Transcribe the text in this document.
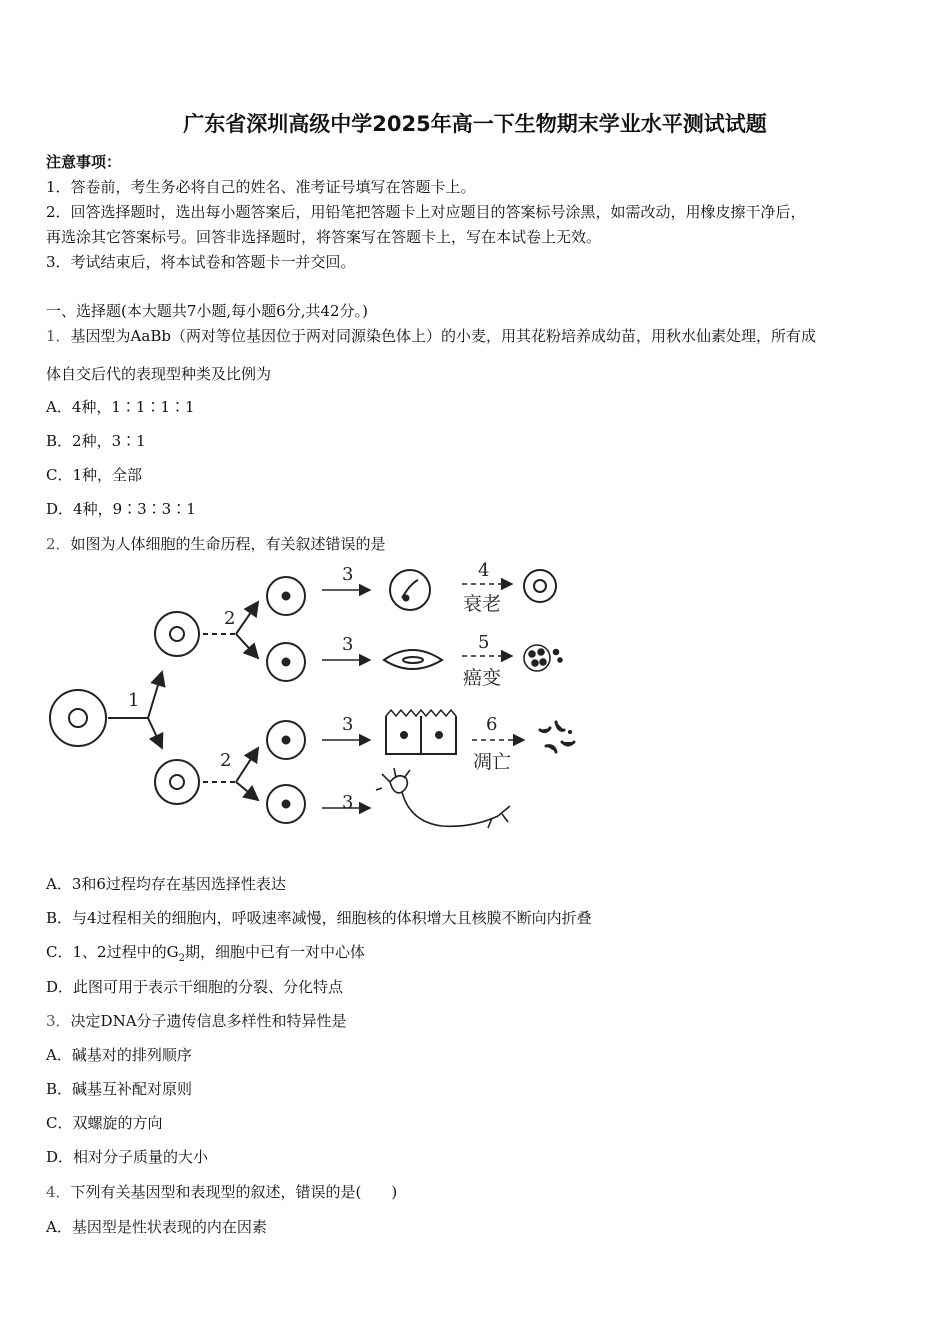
广东省深圳高级中学2025年高一下生物期末学业水平测试试题
注意事项：
1．答卷前，考生务必将自己的姓名、准考证号填写在答题卡上。
2．回答选择题时，选出每小题答案后，用铅笔把答题卡上对应题目的答案标号涂黑，如需改动，用橡皮擦干净后，
再选涂其它答案标号。回答非选择题时，将答案写在答题卡上，写在本试卷上无效。
3．考试结束后，将本试卷和答题卡一并交回。
一、选择题(本大题共7小题,每小题6分,共42分。)
1．基因型为AaBb（两对等位基因位于两对同源染色体上）的小麦，用其花粉培养成幼苗，用秋水仙素处理，所有成
体自交后代的表现型种类及比例为
A．4种，1∶1∶1∶1
B．2种，3∶1
C．1种，全部
D．4种，9∶3∶3∶1
2．如图为人体细胞的生命历程，有关叙述错误的是
1
2
2
3
3
3
3
4
衰老
5
癌变
6
凋亡
A．3和6过程均存在基因选择性表达
B．与4过程相关的细胞内，呼吸速率减慢，细胞核的体积增大且核膜不断向内折叠
C．1、2过程中的$G_2$期，细胞中已有一对中心体
D．此图可用于表示干细胞的分裂、分化特点
3．决定DNA分子遗传信息多样性和特异性是
A．碱基对的排列顺序
B．碱基互补配对原则
C．双螺旋的方向
D．相对分子质量的大小
4．下列有关基因型和表现型的叙述，错误的是(　　)
A．基因型是性状表现的内在因素
